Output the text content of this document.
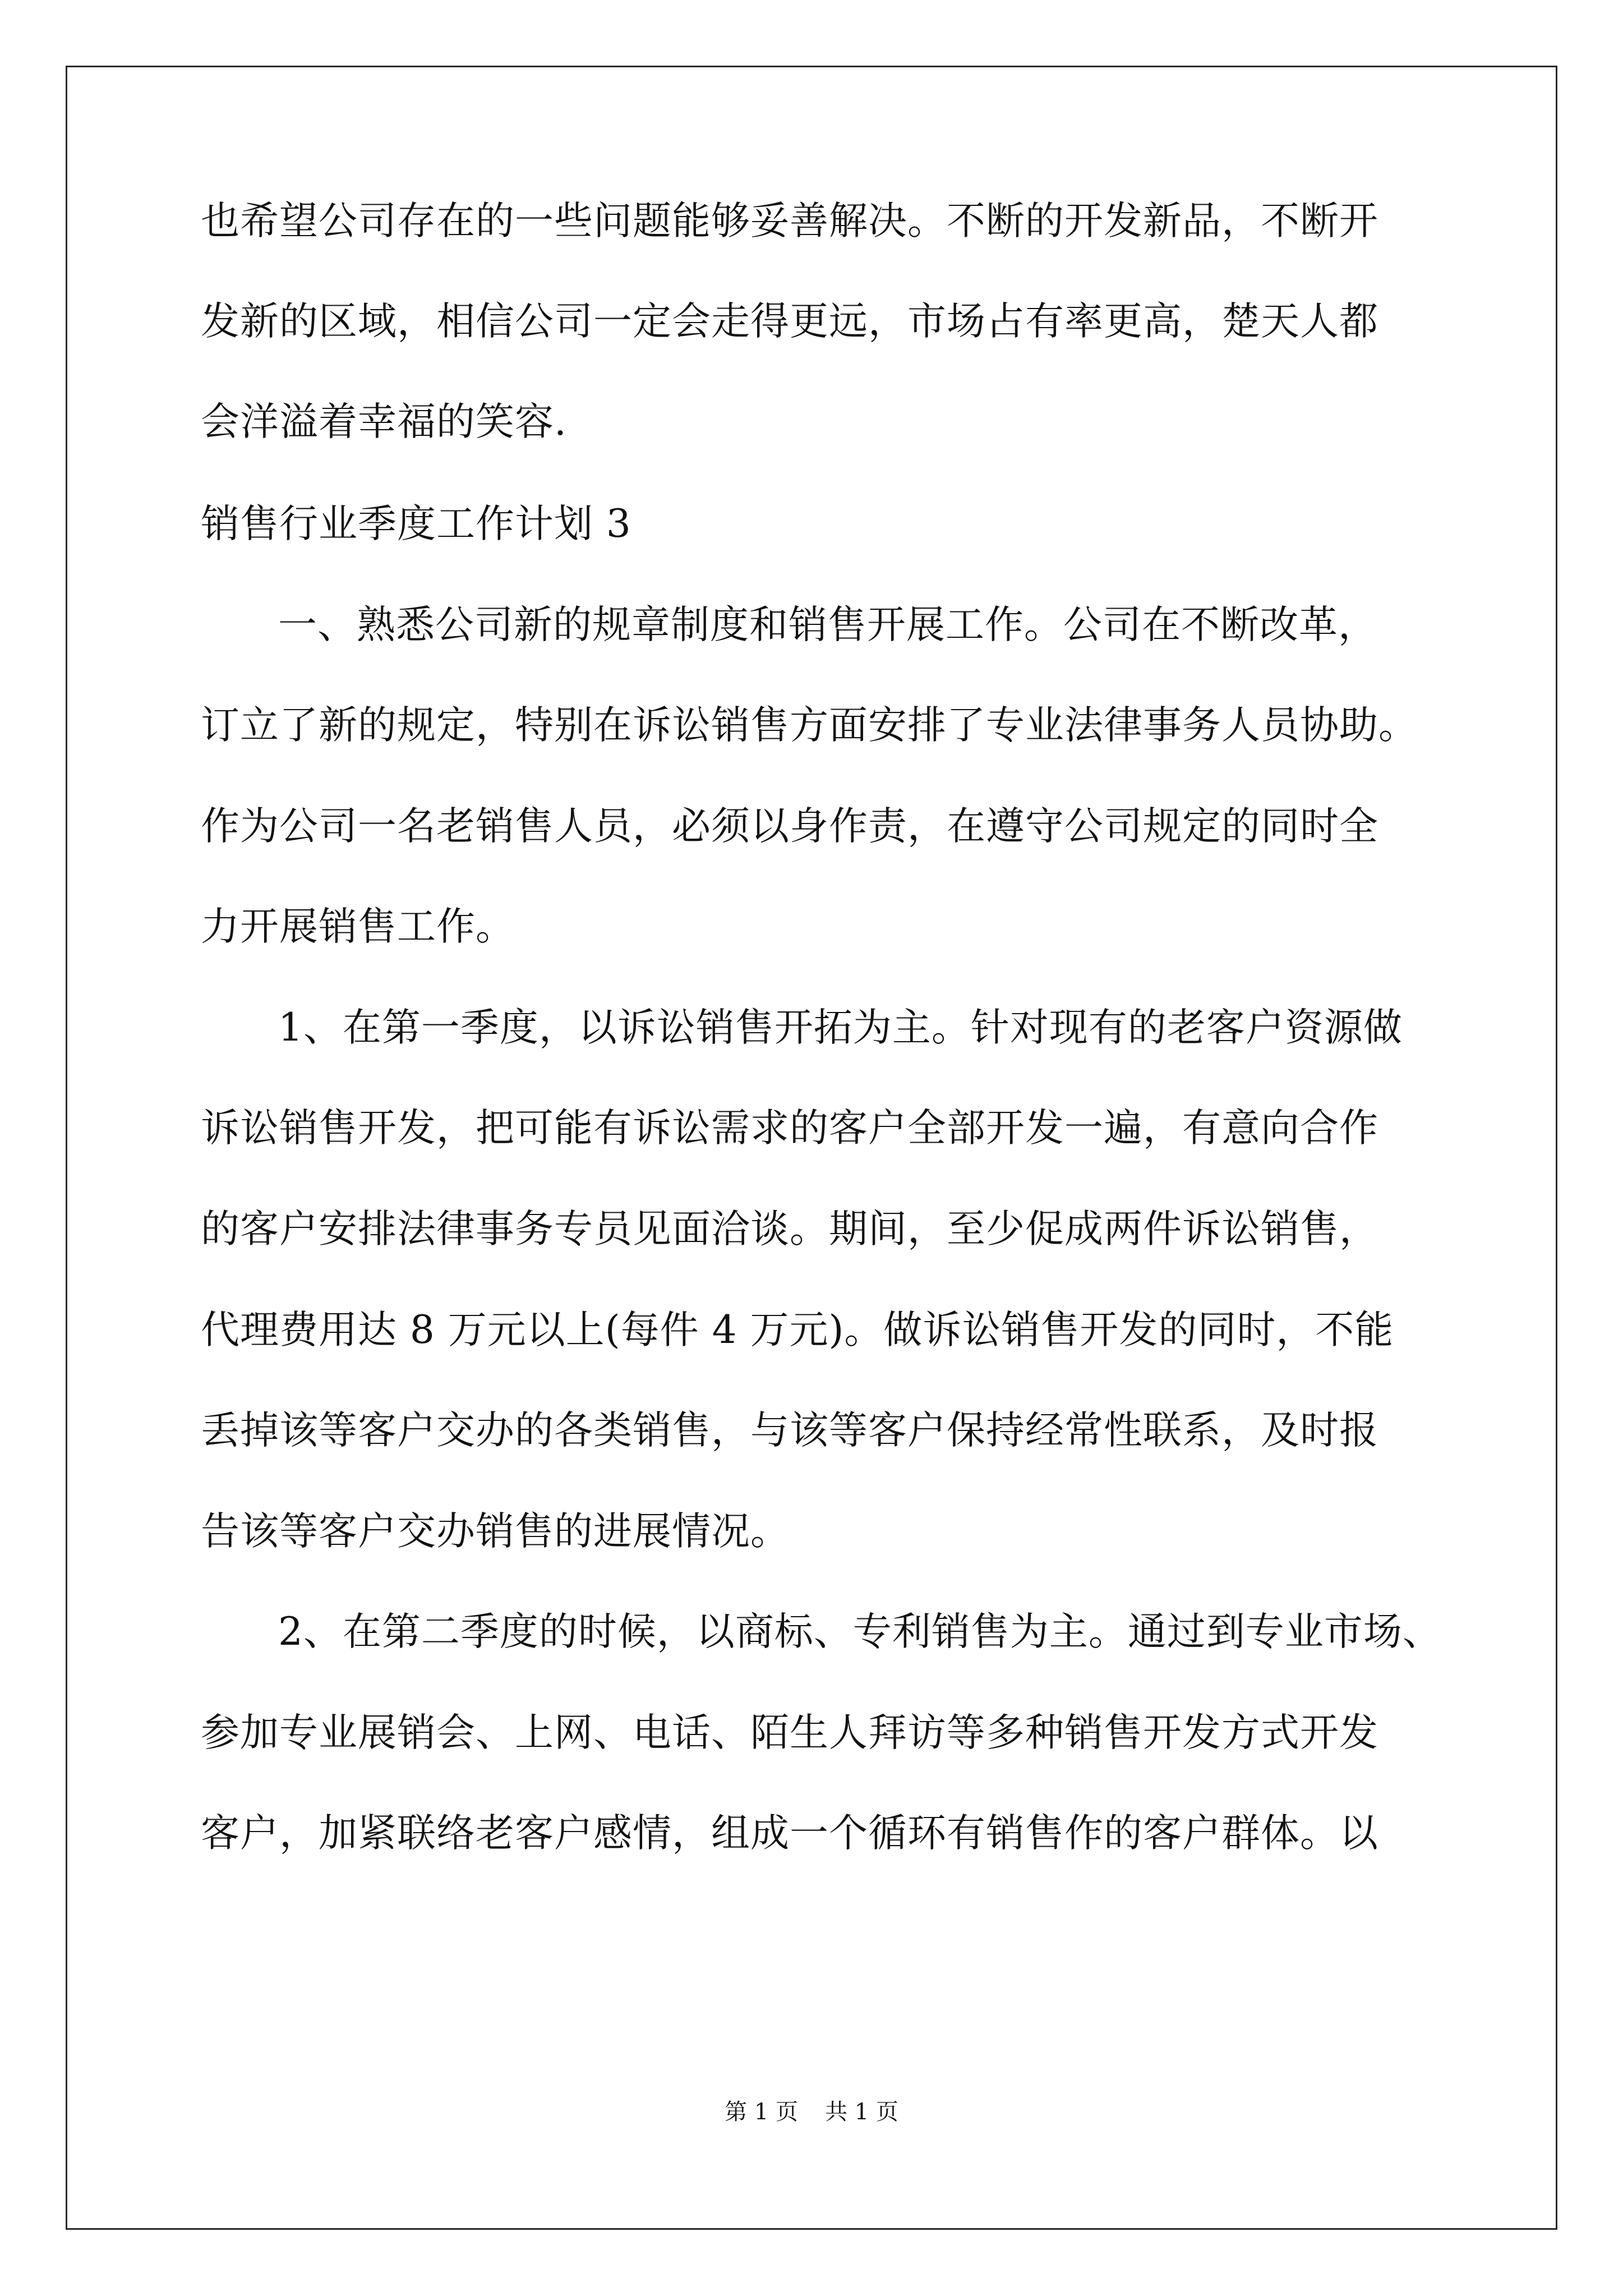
也希望公司存在的一些问题能够妥善解决。不断的开发新品，不断开
发新的区域，相信公司一定会走得更远，市场占有率更高，楚天人都
会洋溢着幸福的笑容.
销售行业季度工作计划 3
一、熟悉公司新的规章制度和销售开展工作。公司在不断改革，
订立了新的规定，特别在诉讼销售方面安排了专业法律事务人员协助。
作为公司一名老销售人员，必须以身作责，在遵守公司规定的同时全
力开展销售工作。
1、在第一季度，以诉讼销售开拓为主。针对现有的老客户资源做
诉讼销售开发，把可能有诉讼需求的客户全部开发一遍，有意向合作
的客户安排法律事务专员见面洽谈。期间，至少促成两件诉讼销售，
代理费用达 8 万元以上(每件 4 万元)。做诉讼销售开发的同时，不能
丢掉该等客户交办的各类销售，与该等客户保持经常性联系，及时报
告该等客户交办销售的进展情况。
2、在第二季度的时候，以商标、专利销售为主。通过到专业市场、
参加专业展销会、上网、电话、陌生人拜访等多种销售开发方式开发
客户，加紧联络老客户感情，组成一个循环有销售作的客户群体。以
第 1 页 共 1 页
